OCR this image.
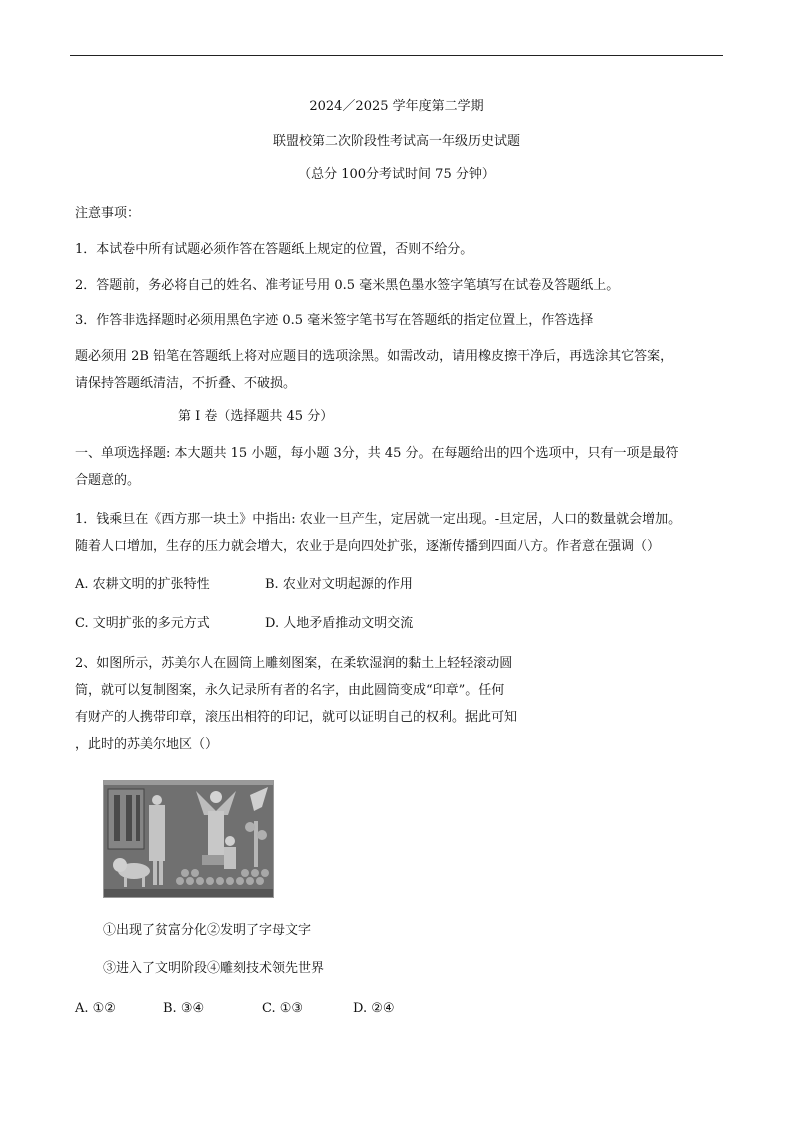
2024／2025 学年度第二学期
联盟校第二次阶段性考试高一年级历史试题
（总分 100分考试时间 75 分钟）
注意事项：
1．本试卷中所有试题必须作答在答题纸上规定的位置，否则不给分。
2．答题前，务必将自己的姓名、准考证号用 0.5 毫米黑色墨水签字笔填写在试卷及答题纸上。
3．作答非选择题时必须用黑色字迹 0.5 毫米签字笔书写在答题纸的指定位置上，作答选择
题必须用 2B 铅笔在答题纸上将对应题目的选项涂黑。如需改动，请用橡皮擦干净后，再选涂其它答案，
请保持答题纸清洁，不折叠、不破损。
第 I 卷（选择题共 45 分）
一、单项选择题: 本大题共 15 小题，每小题 3分，共 45 分。在每题给出的四个选项中，只有一项是最符
合题意的。
1．钱乘旦在《西方那一块土》中指出: 农业一旦产生，定居就一定出现。-旦定居，人口的数量就会增加。
随着人口增加，生存的压力就会增大，农业于是向四处扩张，逐渐传播到四面八方。作者意在强调（）
A. 农耕文明的扩张特性	B. 农业对文明起源的作用
C. 文明扩张的多元方式	D. 人地矛盾推动文明交流
2、如图所示，苏美尔人在圆筒上雕刻图案，在柔软湿润的黏土上轻轻滚动圆
筒，就可以复制图案，永久记录所有者的名字，由此圆筒变成“印章”。任何
有财产的人携带印章，滚压出相符的印记，就可以证明自己的权利。据此可知
，此时的苏美尔地区（）
①出现了贫富分化②发明了字母文字
③进入了文明阶段④雕刻技术领先世界
A. ①②	B. ③④	C. ①③	D. ②④
